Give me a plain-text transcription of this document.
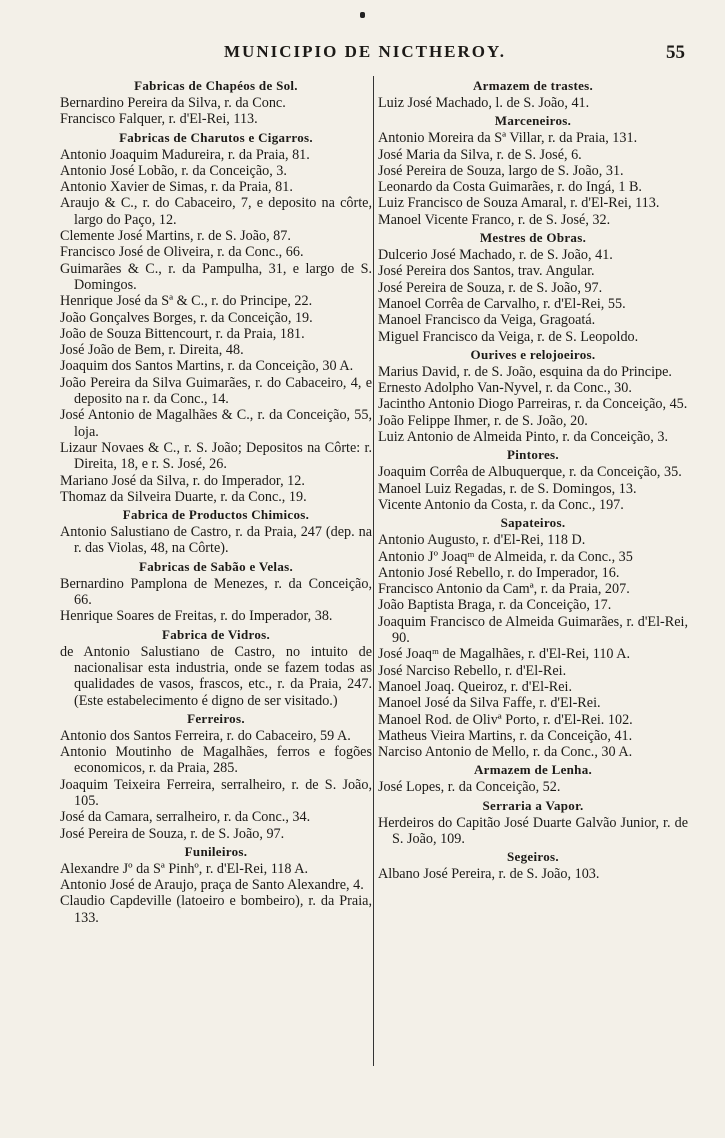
MUNICIPIO DE NICTHEROY.	55
Fabricas de Chapéos de Sol.
Bernardino Pereira da Silva, r. da Conc.
Francisco Falquer, r. d'El-Rei, 113.
Fabricas de Charutos e Cigarros.
Antonio Joaquim Madureira, r. da Praia, 81.
Antonio José Lobão, r. da Conceição, 3.
Antonio Xavier de Simas, r. da Praia, 81.
Araujo & C., r. do Cabaceiro, 7, e deposito na côrte, largo do Paço, 12.
Clemente José Martins, r. de S. João, 87.
Francisco José de Oliveira, r. da Conc., 66.
Guimarães & C., r. da Pampulha, 31, e largo de S. Domingos.
Henrique José da Sª & C., r. do Principe, 22.
João Gonçalves Borges, r. da Conceição, 19.
João de Souza Bittencourt, r. da Praia, 181.
José João de Bem, r. Direita, 48.
Joaquim dos Santos Martins, r. da Conceição, 30 A.
João Pereira da Silva Guimarães, r. do Cabaceiro, 4, e deposito na r. da Conc., 14.
José Antonio de Magalhães & C., r. da Conceição, 55, loja.
Lizaur Novaes & C., r. S. João; Depositos na Côrte: r. Direita, 18, e r. S. José, 26.
Mariano José da Silva, r. do Imperador, 12.
Thomaz da Silveira Duarte, r. da Conc., 19.
Fabrica de Productos Chimicos.
Antonio Salustiano de Castro, r. da Praia, 247 (dep. na r. das Violas, 48, na Côrte).
Fabricas de Sabão e Velas.
Bernardino Pamplona de Menezes, r. da Conceição, 66.
Henrique Soares de Freitas, r. do Imperador, 38.
Fabrica de Vidros.
de Antonio Salustiano de Castro, no intuito de nacionalisar esta industria, onde se fazem todas as qualidades de vasos, frascos, etc., r. da Praia, 247. (Este estabelecimento é digno de ser visitado.)
Ferreiros.
Antonio dos Santos Ferreira, r. do Cabaceiro, 59 A.
Antonio Moutinho de Magalhães, ferros e fogões economicos, r. da Praia, 285.
Joaquim Teixeira Ferreira, serralheiro, r. de S. João, 105.
José da Camara, serralheiro, r. da Conc., 34.
José Pereira de Souza, r. de S. João, 97.
Funileiros.
Alexandre Jº da Sª Pinhº, r. d'El-Rei, 118 A.
Antonio José de Araujo, praça de Santo Alexandre, 4.
Claudio Capdeville (latoeiro e bombeiro), r. da Praia, 133.
Armazem de trastes.
Luiz José Machado, l. de S. João, 41.
Marceneiros.
Antonio Moreira da Sª Villar, r. da Praia, 131.
José Maria da Silva, r. de S. José, 6.
José Pereira de Souza, largo de S. João, 31.
Leonardo da Costa Guimarães, r. do Ingá, 1 B.
Luiz Francisco de Souza Amaral, r. d'El-Rei, 113.
Manoel Vicente Franco, r. de S. José, 32.
Mestres de Obras.
Dulcerio José Machado, r. de S. João, 41.
José Pereira dos Santos, trav. Angular.
José Pereira de Souza, r. de S. João, 97.
Manoel Corrêa de Carvalho, r. d'El-Rei, 55.
Manoel Francisco da Veiga, Gragoatá.
Miguel Francisco da Veiga, r. de S. Leopoldo.
Ourives e relojoeiros.
Marius David, r. de S. João, esquina da do Principe.
Ernesto Adolpho Van-Nyvel, r. da Conc., 30.
Jacintho Antonio Diogo Parreiras, r. da Conceição, 45.
João Felippe Ihmer, r. de S. João, 20.
Luiz Antonio de Almeida Pinto, r. da Conceição, 3.
Pintores.
Joaquim Corrêa de Albuquerque, r. da Conceição, 35.
Manoel Luiz Regadas, r. de S. Domingos, 13.
Vicente Antonio da Costa, r. da Conc., 197.
Sapateiros.
Antonio Augusto, r. d'El-Rei, 118 D.
Antonio Jº Joaqᵐ de Almeida, r. da Conc., 35
Antonio José Rebello, r. do Imperador, 16.
Francisco Antonio da Camª, r. da Praia, 207.
João Baptista Braga, r. da Conceição, 17.
Joaquim Francisco de Almeida Guimarães, r. d'El-Rei, 90.
José Joaqᵐ de Magalhães, r. d'El-Rei, 110 A.
José Narciso Rebello, r. d'El-Rei.
Manoel Joaq. Queiroz, r. d'El-Rei.
Manoel José da Silva Faffe, r. d'El-Rei.
Manoel Rod. de Olivª Porto, r. d'El-Rei. 102.
Matheus Vieira Martins, r. da Conceição, 41.
Narciso Antonio de Mello, r. da Conc., 30 A.
Armazem de Lenha.
José Lopes, r. da Conceição, 52.
Serraria a Vapor.
Herdeiros do Capitão José Duarte Galvão Junior, r. de S. João, 109.
Segeiros.
Albano José Pereira, r. de S. João, 103.
